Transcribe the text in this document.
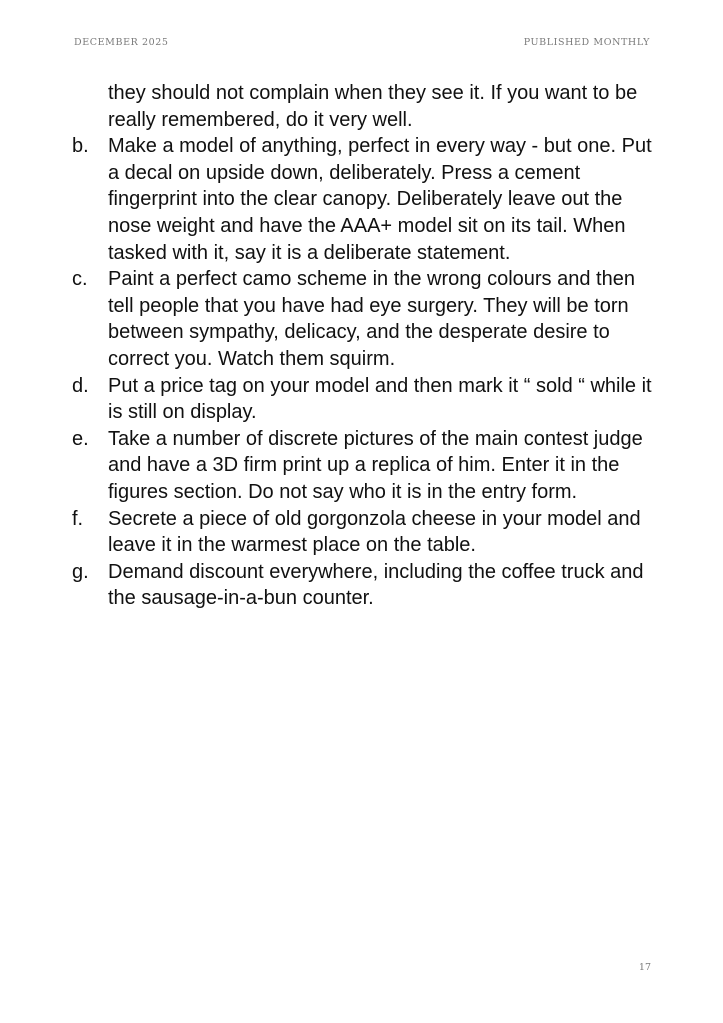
DECEMBER 2025	PUBLISHED MONTHLY

they should not complain when they see it. If you want to be really remembered, do it very well.

b. Make a model of anything, perfect in every way - but one. Put a decal on upside down, deliberately. Press a cement fingerprint into the clear canopy. Deliberately leave out the nose weight and have the AAA+ model sit on its tail. When tasked with it, say it is a deliberate statement.
c. Paint a perfect camo scheme in the wrong colours and then tell people that you have had eye surgery. They will be torn between sympathy, delicacy, and the desperate desire to correct you. Watch them squirm.
d. Put a price tag on your model and then mark it “ sold “ while it is still on display.
e. Take a number of discrete pictures of the main contest judge and have a 3D firm print up a replica of him. Enter it in the figures section. Do not say who it is in the entry form.
f. Secrete a piece of old gorgonzola cheese in your model and leave it in the warmest place on the table.
g. Demand discount everywhere, including the coffee truck and the sausage-in-a-bun counter.
17
